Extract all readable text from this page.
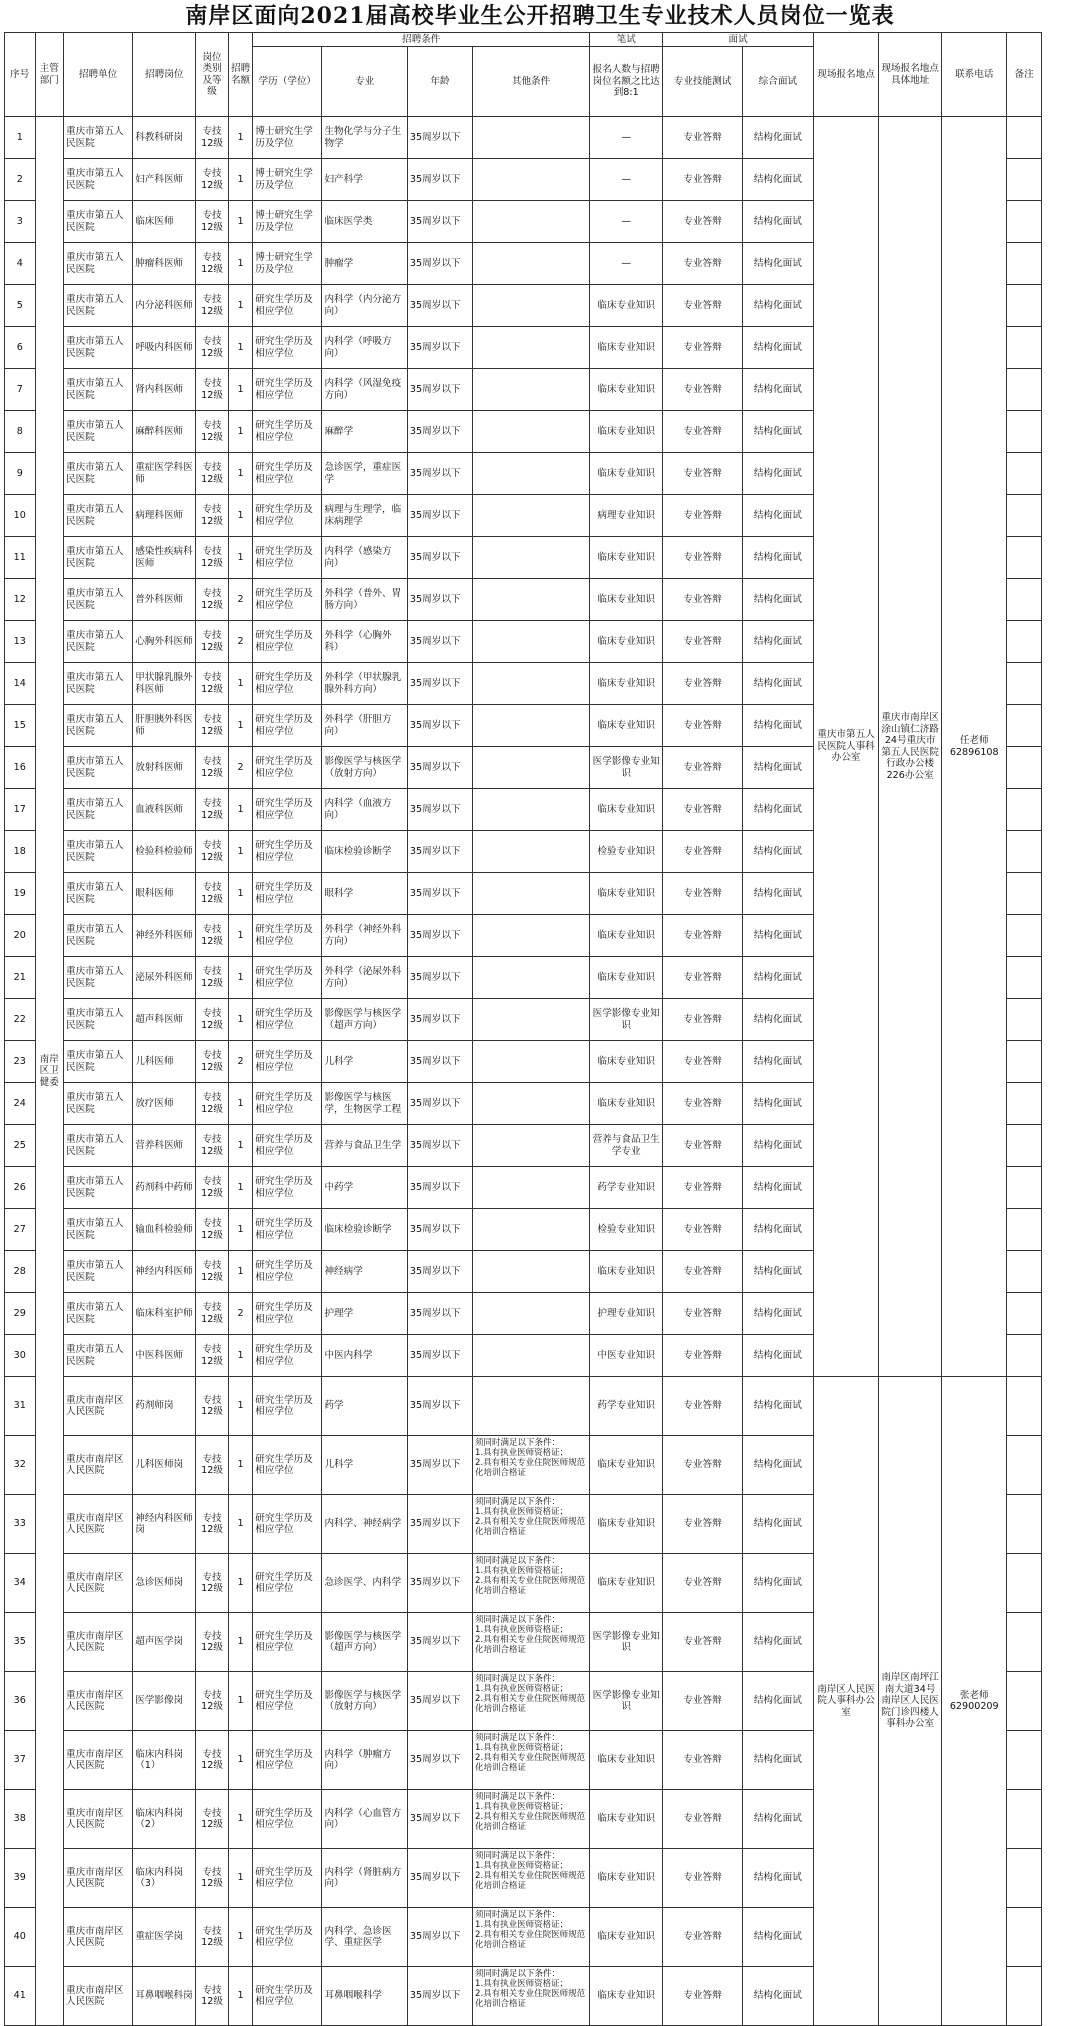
南岸区面向2021届高校毕业生公开招聘卫生专业技术人员岗位一览表
序号	主管部门	招聘单位	招聘岗位	岗位类别及等级	招聘名额	招聘条件				笔试	面试		现场报名地点	现场报名地点具体地址	联系电话	备注
						学历（学位）	专业	年龄	其他条件	报名人数与招聘岗位名额之比达到8:1	专业技能测试	综合面试				
1	南岸区卫健委	重庆市第五人民医院	科教科研岗	专技12级	1	博士研究生学历及学位	生物化学与分子生物学	35周岁以下		—	专业答辩	结构化面试	重庆市第五人民医院人事科办公室	重庆市南岸区涂山镇仁济路24号重庆市第五人民医院行政办公楼226办公室	任老师62896108	
2		重庆市第五人民医院	妇产科医师	专技12级	1	博士研究生学历及学位	妇产科学	35周岁以下		—	专业答辩	结构化面试				
3		重庆市第五人民医院	临床医师	专技12级	1	博士研究生学历及学位	临床医学类	35周岁以下		—	专业答辩	结构化面试				
4		重庆市第五人民医院	肿瘤科医师	专技12级	1	博士研究生学历及学位	肿瘤学	35周岁以下		—	专业答辩	结构化面试				
5		重庆市第五人民医院	内分泌科医师	专技12级	1	研究生学历及相应学位	内科学（内分泌方向）	35周岁以下		临床专业知识	专业答辩	结构化面试				
6		重庆市第五人民医院	呼吸内科医师	专技12级	1	研究生学历及相应学位	内科学（呼吸方向）	35周岁以下		临床专业知识	专业答辩	结构化面试				
7		重庆市第五人民医院	肾内科医师	专技12级	1	研究生学历及相应学位	内科学（风湿免疫方向）	35周岁以下		临床专业知识	专业答辩	结构化面试				
8		重庆市第五人民医院	麻醉科医师	专技12级	1	研究生学历及相应学位	麻醉学	35周岁以下		临床专业知识	专业答辩	结构化面试				
9		重庆市第五人民医院	重症医学科医师	专技12级	1	研究生学历及相应学位	急诊医学，重症医学	35周岁以下		临床专业知识	专业答辩	结构化面试				
10		重庆市第五人民医院	病理科医师	专技12级	1	研究生学历及相应学位	病理与生理学，临床病理学	35周岁以下		病理专业知识	专业答辩	结构化面试				
11		重庆市第五人民医院	感染性疾病科医师	专技12级	1	研究生学历及相应学位	内科学（感染方向）	35周岁以下		临床专业知识	专业答辩	结构化面试				
12		重庆市第五人民医院	普外科医师	专技12级	2	研究生学历及相应学位	外科学（普外、胃肠方向）	35周岁以下		临床专业知识	专业答辩	结构化面试				
13		重庆市第五人民医院	心胸外科医师	专技12级	2	研究生学历及相应学位	外科学（心胸外科）	35周岁以下		临床专业知识	专业答辩	结构化面试				
14		重庆市第五人民医院	甲状腺乳腺外科医师	专技12级	1	研究生学历及相应学位	外科学（甲状腺乳腺外科方向）	35周岁以下		临床专业知识	专业答辩	结构化面试				
15		重庆市第五人民医院	肝胆胰外科医师	专技12级	1	研究生学历及相应学位	外科学（肝胆方向）	35周岁以下		临床专业知识	专业答辩	结构化面试				
16		重庆市第五人民医院	放射科医师	专技12级	2	研究生学历及相应学位	影像医学与核医学（放射方向）	35周岁以下		医学影像专业知识	专业答辩	结构化面试				
17		重庆市第五人民医院	血液科医师	专技12级	1	研究生学历及相应学位	内科学（血液方向）	35周岁以下		临床专业知识	专业答辩	结构化面试				
18		重庆市第五人民医院	检验科检验师	专技12级	1	研究生学历及相应学位	临床检验诊断学	35周岁以下		检验专业知识	专业答辩	结构化面试				
19		重庆市第五人民医院	眼科医师	专技12级	1	研究生学历及相应学位	眼科学	35周岁以下		临床专业知识	专业答辩	结构化面试				
20		重庆市第五人民医院	神经外科医师	专技12级	1	研究生学历及相应学位	外科学（神经外科方向）	35周岁以下		临床专业知识	专业答辩	结构化面试				
21		重庆市第五人民医院	泌尿外科医师	专技12级	1	研究生学历及相应学位	外科学（泌尿外科方向）	35周岁以下		临床专业知识	专业答辩	结构化面试				
22		重庆市第五人民医院	超声科医师	专技12级	1	研究生学历及相应学位	影像医学与核医学（超声方向）	35周岁以下		医学影像专业知识	专业答辩	结构化面试				
23		重庆市第五人民医院	儿科医师	专技12级	2	研究生学历及相应学位	儿科学	35周岁以下		临床专业知识	专业答辩	结构化面试				
24		重庆市第五人民医院	放疗医师	专技12级	1	研究生学历及相应学位	影像医学与核医学，生物医学工程	35周岁以下		临床专业知识	专业答辩	结构化面试				
25		重庆市第五人民医院	营养科医师	专技12级	1	研究生学历及相应学位	营养与食品卫生学	35周岁以下		营养与食品卫生学专业	专业答辩	结构化面试				
26		重庆市第五人民医院	药剂科中药师	专技12级	1	研究生学历及相应学位	中药学	35周岁以下		药学专业知识	专业答辩	结构化面试				
27		重庆市第五人民医院	输血科检验师	专技12级	1	研究生学历及相应学位	临床检验诊断学	35周岁以下		检验专业知识	专业答辩	结构化面试				
28		重庆市第五人民医院	神经内科医师	专技12级	1	研究生学历及相应学位	神经病学	35周岁以下		临床专业知识	专业答辩	结构化面试				
29		重庆市第五人民医院	临床科室护师	专技12级	2	研究生学历及相应学位	护理学	35周岁以下		护理专业知识	专业答辩	结构化面试				
30		重庆市第五人民医院	中医科医师	专技12级	1	研究生学历及相应学位	中医内科学	35周岁以下		中医专业知识	专业答辩	结构化面试				
31		重庆市南岸区人民医院	药剂师岗	专技12级	1	研究生学历及相应学位	药学	35周岁以下		药学专业知识	专业答辩	结构化面试	南岸区人民医院人事科办公室	南岸区南坪江南大道34号南岸区人民医院门诊四楼人事科办公室	张老师62900209	
32		重庆市南岸区人民医院	儿科医师岗	专技12级	1	研究生学历及相应学位	儿科学	35周岁以下	须同时满足以下条件：
1.具有执业医师资格证；
2.具有相关专业住院医师规范化培训合格证	临床专业知识	专业答辩	结构化面试				
33		重庆市南岸区人民医院	神经内科医师岗	专技12级	1	研究生学历及相应学位	内科学、神经病学	35周岁以下	须同时满足以下条件：
1.具有执业医师资格证；
2.具有相关专业住院医师规范化培训合格证	临床专业知识	专业答辩	结构化面试				
34		重庆市南岸区人民医院	急诊医师岗	专技12级	1	研究生学历及相应学位	急诊医学、内科学	35周岁以下	须同时满足以下条件：
1.具有执业医师资格证；
2.具有相关专业住院医师规范化培训合格证	临床专业知识	专业答辩	结构化面试				
35		重庆市南岸区人民医院	超声医学岗	专技12级	1	研究生学历及相应学位	影像医学与核医学（超声方向）	35周岁以下	须同时满足以下条件：
1.具有执业医师资格证；
2.具有相关专业住院医师规范化培训合格证	医学影像专业知识	专业答辩	结构化面试				
36		重庆市南岸区人民医院	医学影像岗	专技12级	1	研究生学历及相应学位	影像医学与核医学（放射方向）	35周岁以下	须同时满足以下条件：
1.具有执业医师资格证；
2.具有相关专业住院医师规范化培训合格证	医学影像专业知识	专业答辩	结构化面试				
37		重庆市南岸区人民医院	临床内科岗（1）	专技12级	1	研究生学历及相应学位	内科学（肿瘤方向）	35周岁以下	须同时满足以下条件：
1.具有执业医师资格证；
2.具有相关专业住院医师规范化培训合格证	临床专业知识	专业答辩	结构化面试				
38		重庆市南岸区人民医院	临床内科岗（2）	专技12级	1	研究生学历及相应学位	内科学（心血管方向）	35周岁以下	须同时满足以下条件：
1.具有执业医师资格证；
2.具有相关专业住院医师规范化培训合格证	临床专业知识	专业答辩	结构化面试				
39		重庆市南岸区人民医院	临床内科岗（3）	专技12级	1	研究生学历及相应学位	内科学（肾脏病方向）	35周岁以下	须同时满足以下条件：
1.具有执业医师资格证；
2.具有相关专业住院医师规范化培训合格证	临床专业知识	专业答辩	结构化面试				
40		重庆市南岸区人民医院	重症医学岗	专技12级	1	研究生学历及相应学位	内科学、急诊医学、重症医学	35周岁以下	须同时满足以下条件：
1.具有执业医师资格证；
2.具有相关专业住院医师规范化培训合格证	临床专业知识	专业答辩	结构化面试				
41		重庆市南岸区人民医院	耳鼻咽喉科岗	专技12级	1	研究生学历及相应学位	耳鼻咽喉科学	35周岁以下	须同时满足以下条件：
1.具有执业医师资格证；
2.具有相关专业住院医师规范化培训合格证	临床专业知识	专业答辩	结构化面试				
